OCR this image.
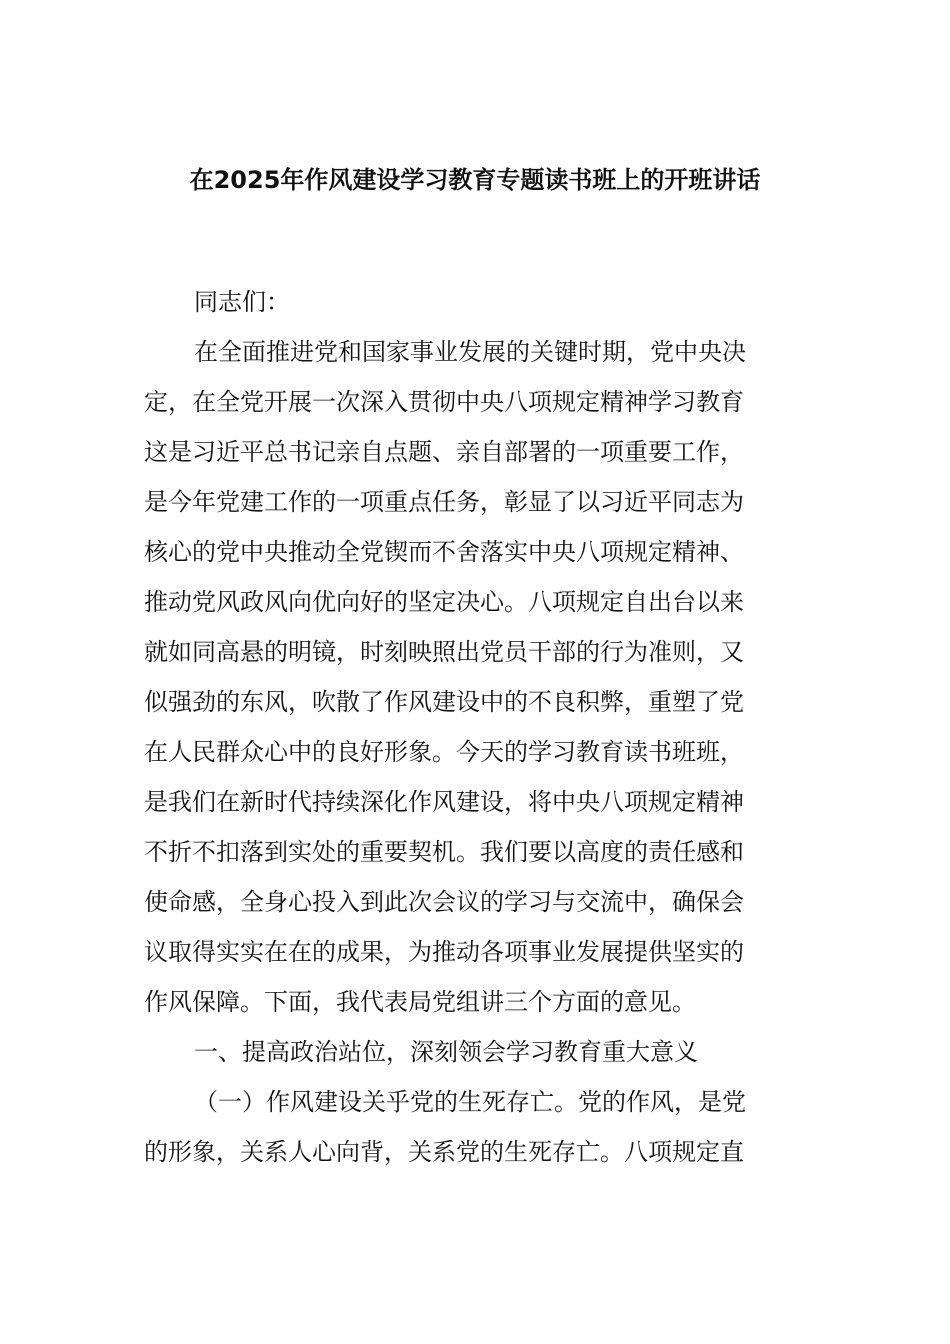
在2025年作风建设学习教育专题读书班上的开班讲话
同志们：
在全面推进党和国家事业发展的关键时期，党中央决
定，在全党开展一次深入贯彻中央八项规定精神学习教育
这是习近平总书记亲自点题、亲自部署的一项重要工作，
是今年党建工作的一项重点任务，彰显了以习近平同志为
核心的党中央推动全党锲而不舍落实中央八项规定精神、
推动党风政风向优向好的坚定决心。八项规定自出台以来
就如同高悬的明镜，时刻映照出党员干部的行为准则，又
似强劲的东风，吹散了作风建设中的不良积弊，重塑了党
在人民群众心中的良好形象。今天的学习教育读书班班，
是我们在新时代持续深化作风建设，将中央八项规定精神
不折不扣落到实处的重要契机。我们要以高度的责任感和
使命感，全身心投入到此次会议的学习与交流中，确保会
议取得实实在在的成果，为推动各项事业发展提供坚实的
作风保障。下面，我代表局党组讲三个方面的意见。
一、提高政治站位，深刻领会学习教育重大意义
（一）作风建设关乎党的生死存亡。党的作风，是党
的形象，关系人心向背，关系党的生死存亡。八项规定直
